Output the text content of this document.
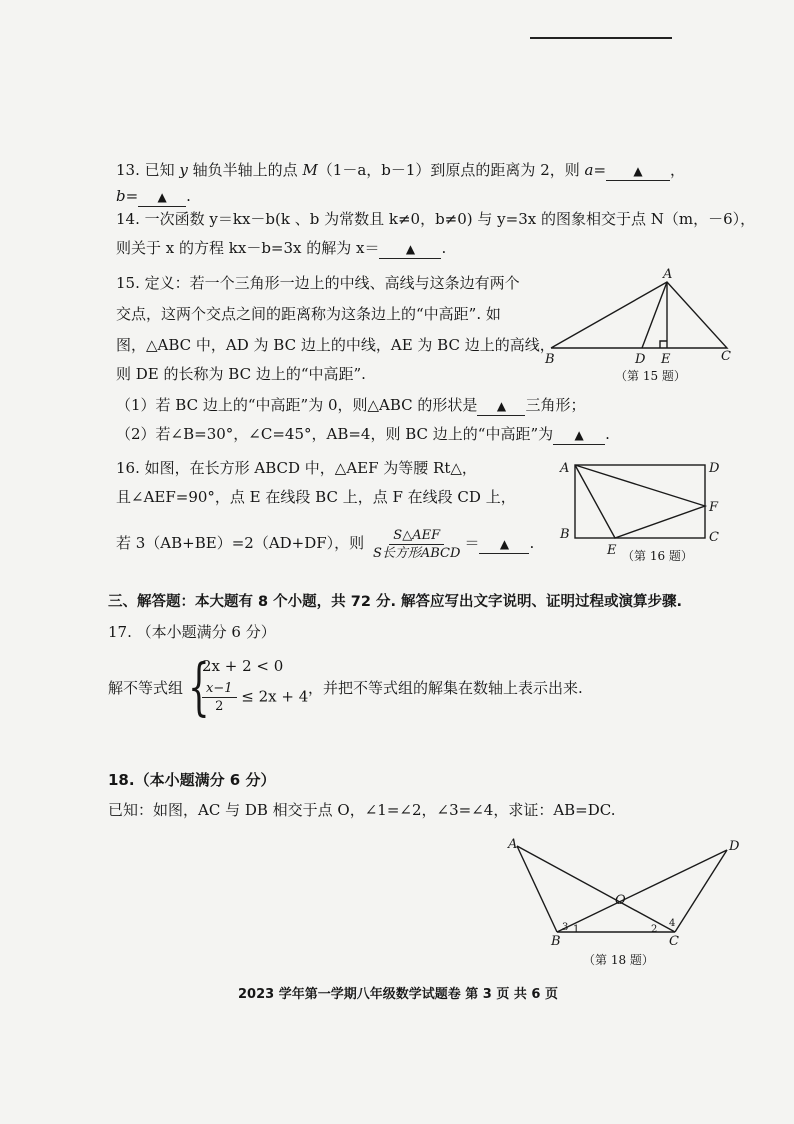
13. 已知 y 轴负半轴上的点 M（1－a，b－1）到原点的距离为 2，则 a= ▲ ，
b= ▲ .
14. 一次函数 y＝kx－b(k 、b 为常数且 k≠0，b≠0) 与 y=3x 的图象相交于点 N（m，－6），
则关于 x 的方程 kx－b=3x 的解为 x＝ ▲ .
15. 定义：若一个三角形一边上的中线、高线与这条边有两个
交点，这两个交点之间的距离称为这条边上的“中高距”. 如
图，△ABC 中，AD 为 BC 边上的中线，AE 为 BC 边上的高线，
则 DE 的长称为 BC 边上的“中高距”.
（1）若 BC 边上的“中高距”为 0，则△ABC 的形状是 ▲ 三角形；
（2）若∠B=30°，∠C=45°，AB=4，则 BC 边上的“中高距”为 ▲ .
A
B	C
D E
（第 15 题）
16. 如图，在长方形 ABCD 中，△AEF 为等腰 Rt△，
且∠AEF=90°，点 E 在线段 BC 上，点 F 在线段 CD 上，
若 3（AB+BE）=2（AD+DF），则 $\frac{\text{S△AEF}}{\text{S长方形ABCD}}$ ＝ ▲ .
A	D
F
B	C
E （第 16 题）
三、解答题：本大题有 8 个小题，共 72 分. 解答应写出文字说明、证明过程或演算步骤.
17. （本小题满分 6 分）
解不等式组 {
2x + 2 < 0
$\frac{x-1}{2} \le 2x + 4$ ，并把不等式组的解集在数轴上表示出来.
18.（本小题满分 6 分）
已知：如图，AC 与 DB 相交于点 O，∠1=∠2，∠3=∠4，求证：AB=DC.
A	D
O
B	C
3 1	2
4
（第 18 题）
2023 学年第一学期八年级数学试题卷 第 3 页 共 6 页
